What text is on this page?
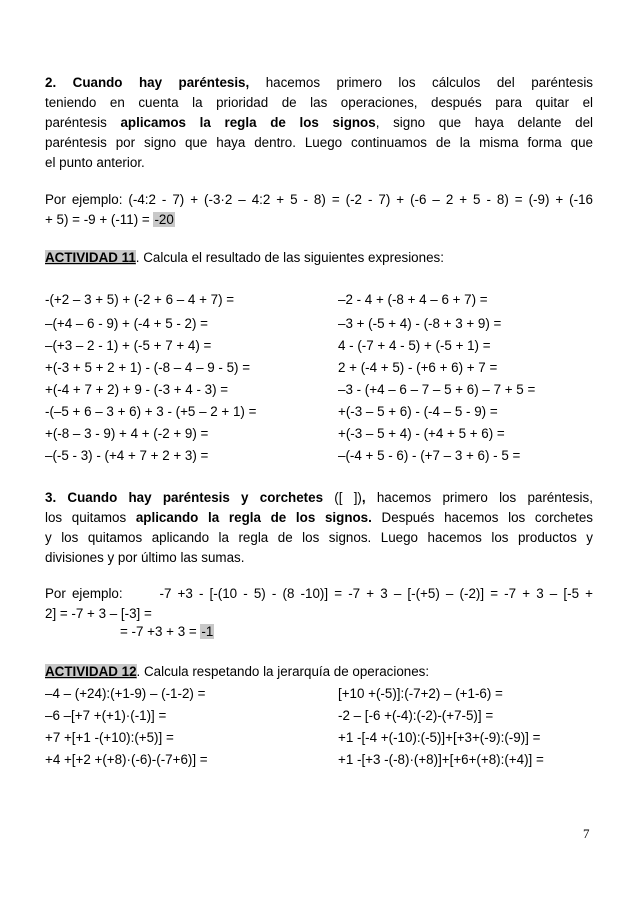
2. Cuando hay paréntesis, hacemos primero los cálculos del paréntesis

teniendo en cuenta la prioridad de las operaciones, después para quitar el

paréntesis aplicamos la regla de los signos, signo que haya delante del

paréntesis por signo que haya dentro. Luego continuamos de la misma forma que

el punto anterior.

Por ejemplo: (-4:2 - 7) + (-3·2 – 4:2 + 5 - 8) = (-2 - 7) + (-6 – 2 + 5 - 8) = (-9) + (-16

+ 5) = -9 + (-11) = -20

ACTIVIDAD 11. Calcula el resultado de las siguientes expresiones:

-(+2 – 3 + 5) + (-2 + 6 – 4 + 7) =	–2 - 4 + (-8 + 4 – 6 + 7) =
–(+4 – 6 - 9) + (-4 + 5 - 2) =	–3 + (-5 + 4) - (-8 + 3 + 9) =
–(+3 – 2 - 1) + (-5 + 7 + 4) =	4 - (-7 + 4 - 5) + (-5 + 1) =
+(-3 + 5 + 2 + 1) - (-8 – 4 – 9 - 5) =	2 + (-4 + 5) - (+6 + 6) + 7 =
+(-4 + 7 + 2) + 9 - (-3 + 4 - 3) =	–3 - (+4 – 6 – 7 – 5 + 6) – 7 + 5 =
-(–5 + 6 – 3 + 6) + 3 - (+5 – 2 + 1) =	+(-3 – 5 + 6) - (-4 – 5 - 9) =
+(-8 – 3 - 9) + 4 + (-2 + 9) =	+(-3 – 5 + 4) - (+4 + 5 + 6) =
–(-5 - 3) - (+4 + 7 + 2 + 3) =	–(-4 + 5 - 6) - (+7 – 3 + 6) - 5 =

3. Cuando hay paréntesis y corchetes ([ ]), hacemos primero los paréntesis,

los quitamos aplicando la regla de los signos. Después hacemos los corchetes

y los quitamos aplicando la regla de los signos. Luego hacemos los productos y

divisiones y por último las sumas.

Por ejemplo:      -7 +3 - [-(10 - 5) - (8 -10)] = -7 + 3 – [-(+5) – (-2)] = -7 + 3 – [-5 +

2] = -7 + 3 – [-3] =

= -7 +3 + 3 = -1

ACTIVIDAD 12. Calcula respetando la jerarquía de operaciones:

–4 – (+24):(+1-9) – (-1-2) =	[+10 +(-5)]:(-7+2) – (+1-6) =
–6 –[+7 +(+1)·(-1)] =	-2 – [-6 +(-4):(-2)-(+7-5)] =
+7 +[+1 -(+10):(+5)] =	+1 -[-4 +(-10):(-5)]+[+3+(-9):(-9)] =
+4 +[+2 +(+8)·(-6)-(-7+6)] =	+1 -[+3 -(-8)·(+8)]+[+6+(+8):(+4)] =
7
